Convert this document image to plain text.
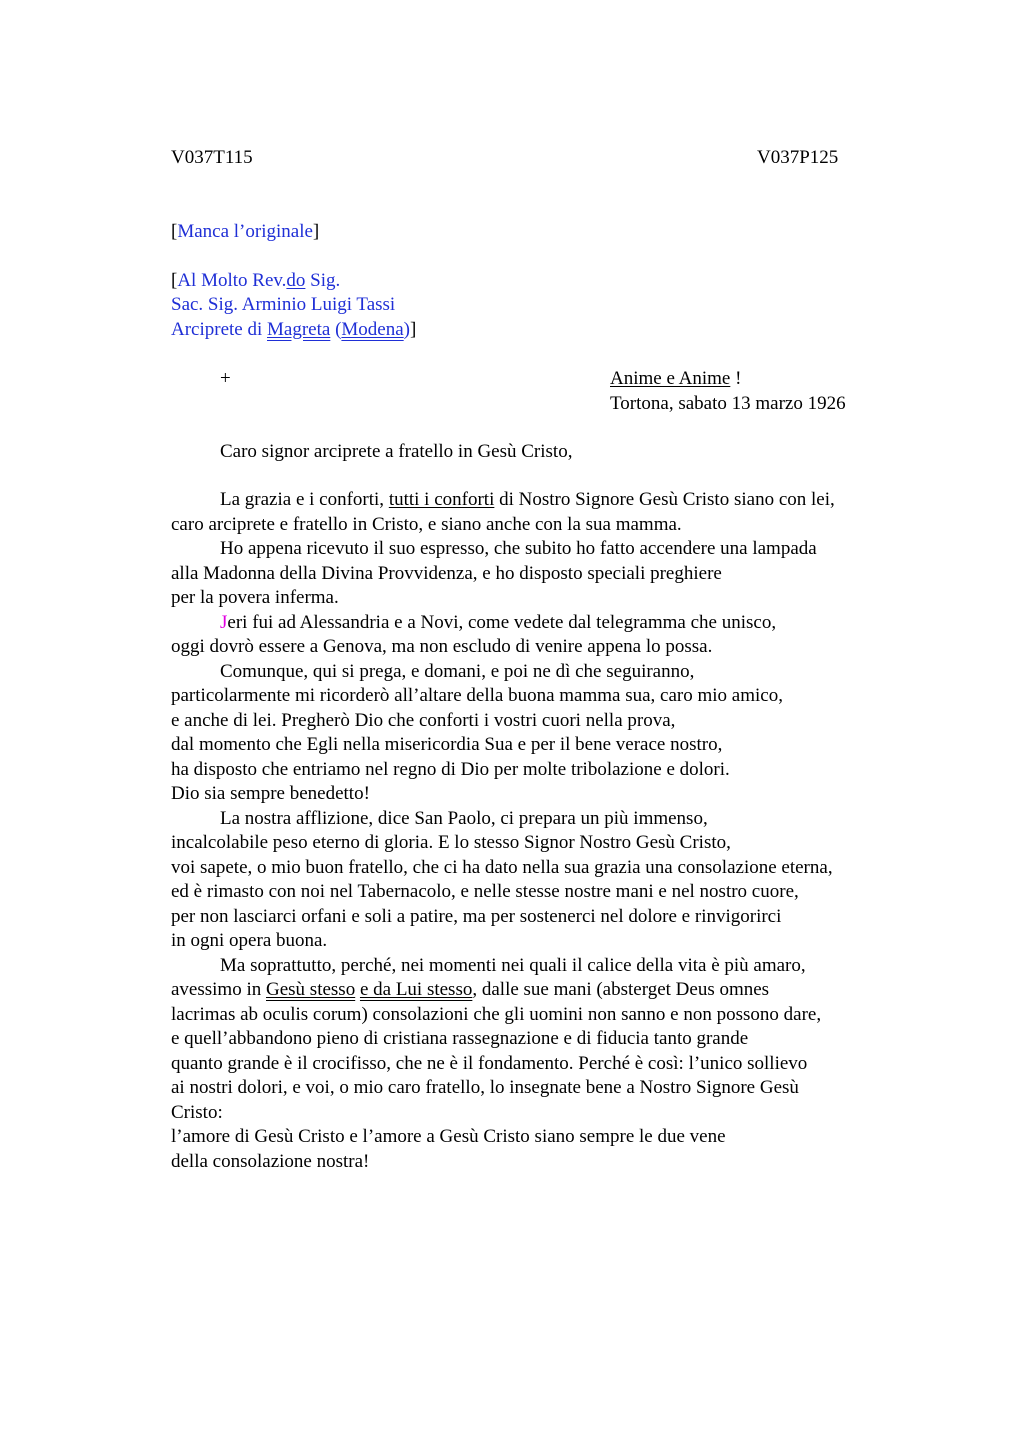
V037T115	V037P125
[Manca l’originale]
[Al Molto Rev.do Sig.
Sac. Sig. Arminio Luigi Tassi
Arciprete di Magreta (Modena)]
+	Anime e Anime !
Tortona, sabato 13 marzo 1926
Caro signor arciprete a fratello in Gesù Cristo,
La grazia e i conforti, tutti i conforti di Nostro Signore Gesù Cristo siano con lei,
caro arciprete e fratello in Cristo, e siano anche con la sua mamma.
Ho appena ricevuto il suo espresso, che subito ho fatto accendere una lampada
alla Madonna della Divina Provvidenza, e ho disposto speciali preghiere
per la povera inferma.
Jeri fui ad Alessandria e a Novi, come vedete dal telegramma che unisco,
oggi dovrò essere a Genova, ma non escludo di venire appena lo possa.
Comunque, qui si prega, e domani, e poi ne dì che seguiranno,
particolarmente mi ricorderò all’altare della buona mamma sua, caro mio amico,
e anche di lei. Pregherò Dio che conforti i vostri cuori nella prova,
dal momento che Egli nella misericordia Sua e per il bene verace nostro,
ha disposto che entriamo nel regno di Dio per molte tribolazione e dolori.
Dio sia sempre benedetto!
La nostra afflizione, dice San Paolo, ci prepara un più immenso,
incalcolabile peso eterno di gloria. E lo stesso Signor Nostro Gesù Cristo,
voi sapete, o mio buon fratello, che ci ha dato nella sua grazia una consolazione eterna,
ed è rimasto con noi nel Tabernacolo, e nelle stesse nostre mani e nel nostro cuore,
per non lasciarci orfani e soli a patire, ma per sostenerci nel dolore e rinvigorirci
in ogni opera buona.
Ma soprattutto, perché, nei momenti nei quali il calice della vita è più amaro,
avessimo in Gesù stesso e da Lui stesso, dalle sue mani (absterget Deus omnes
lacrimas ab oculis corum) consolazioni che gli uomini non sanno e non possono dare,
e quell’abbandono pieno di cristiana rassegnazione e di fiducia tanto grande
quanto grande è il crocifisso, che ne è il fondamento. Perché è così: l’unico sollievo
ai nostri dolori, e voi, o mio caro fratello, lo insegnate bene a Nostro Signore Gesù
Cristo:
l’amore di Gesù Cristo e l’amore a Gesù Cristo siano sempre le due vene
della consolazione nostra!
